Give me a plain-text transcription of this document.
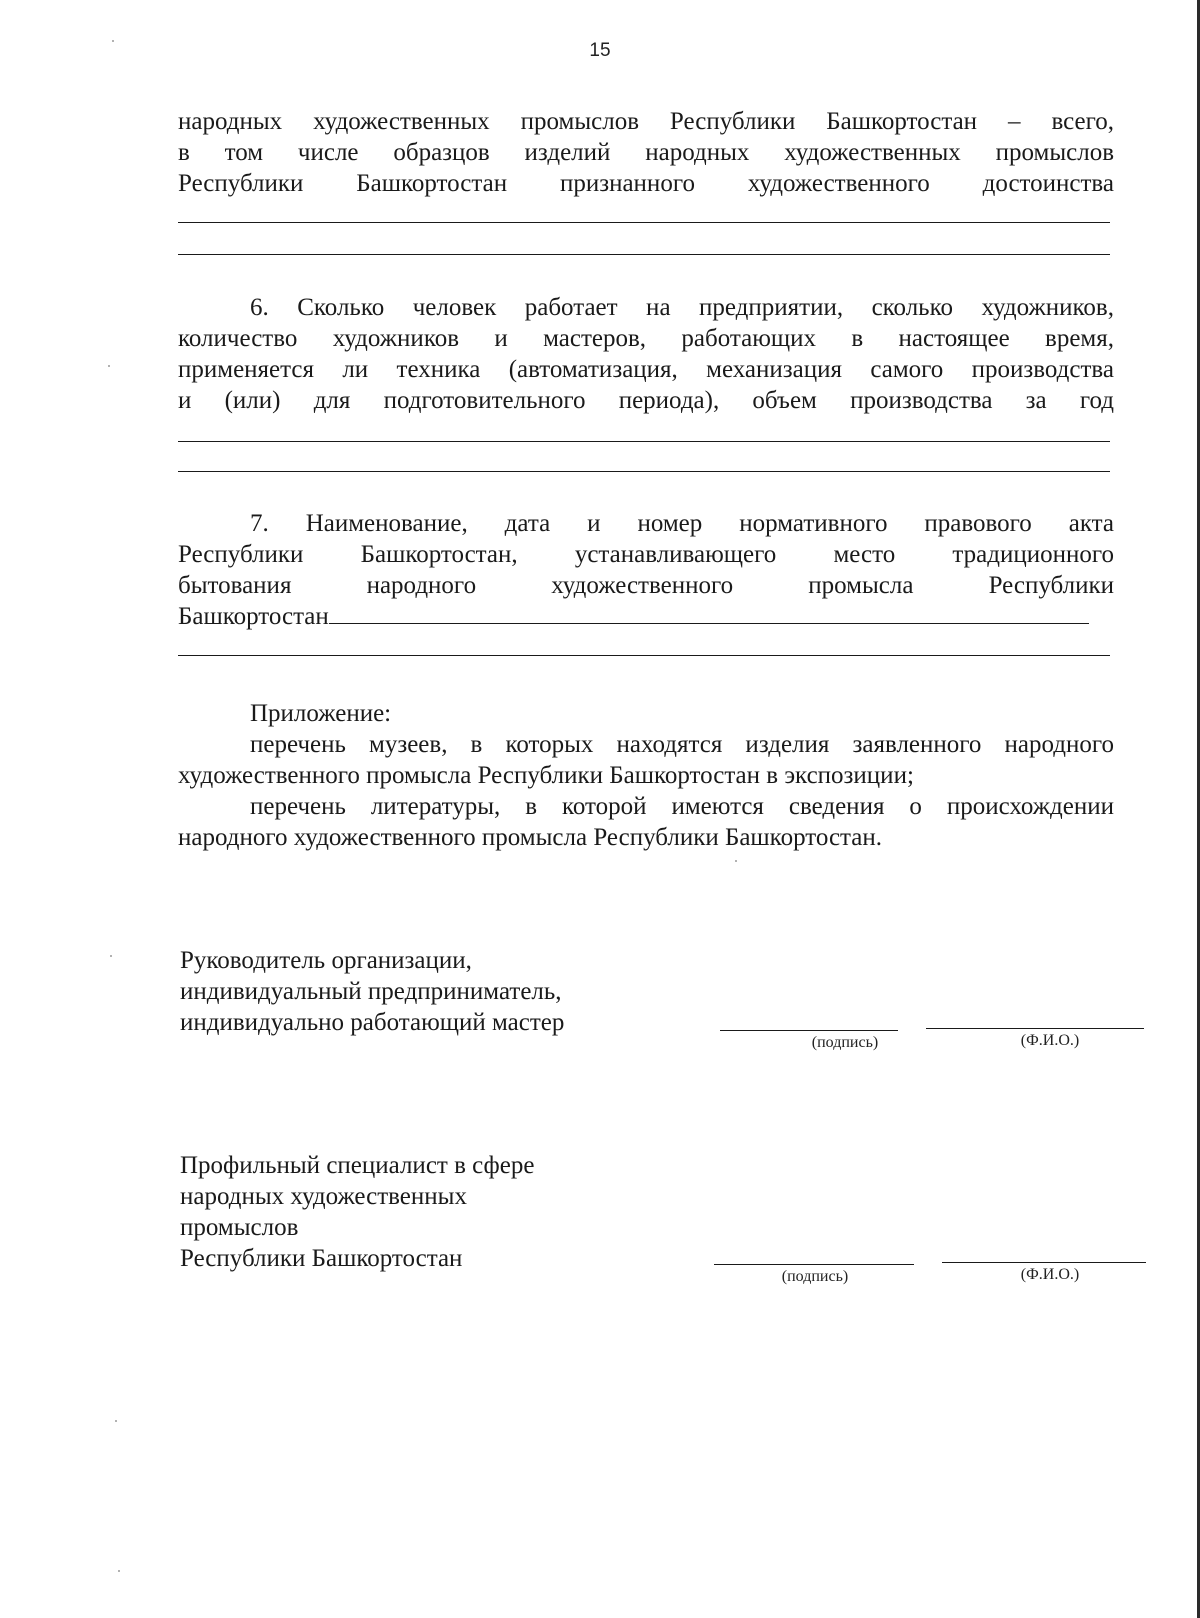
15
народных художественных промыслов Республики Башкортостан – всего,
в том числе образцов изделий народных художественных промыслов
Республики Башкортостан признанного художественного достоинства
6. Сколько человек работает на предприятии, сколько художников,
количество художников и мастеров, работающих в настоящее время,
применяется ли техника (автоматизация, механизация самого производства
и (или) для подготовительного периода), объем производства за год
7. Наименование, дата и номер нормативного правового акта
Республики Башкортостан, устанавливающего место традиционного
бытования народного художественного промысла Республики
Башкортостан
Приложение:
перечень музеев, в которых находятся изделия заявленного народного
художественного промысла Республики Башкортостан в экспозиции;
перечень литературы, в которой имеются сведения о происхождении
народного художественного промысла Республики Башкортостан.
Руководитель организации,
индивидуальный предприниматель,
индивидуально работающий мастер
(подпись)	(Ф.И.О.)
Профильный специалист в сфере
народных художественных
промыслов
Республики Башкортостан
(подпись)	(Ф.И.О.)
